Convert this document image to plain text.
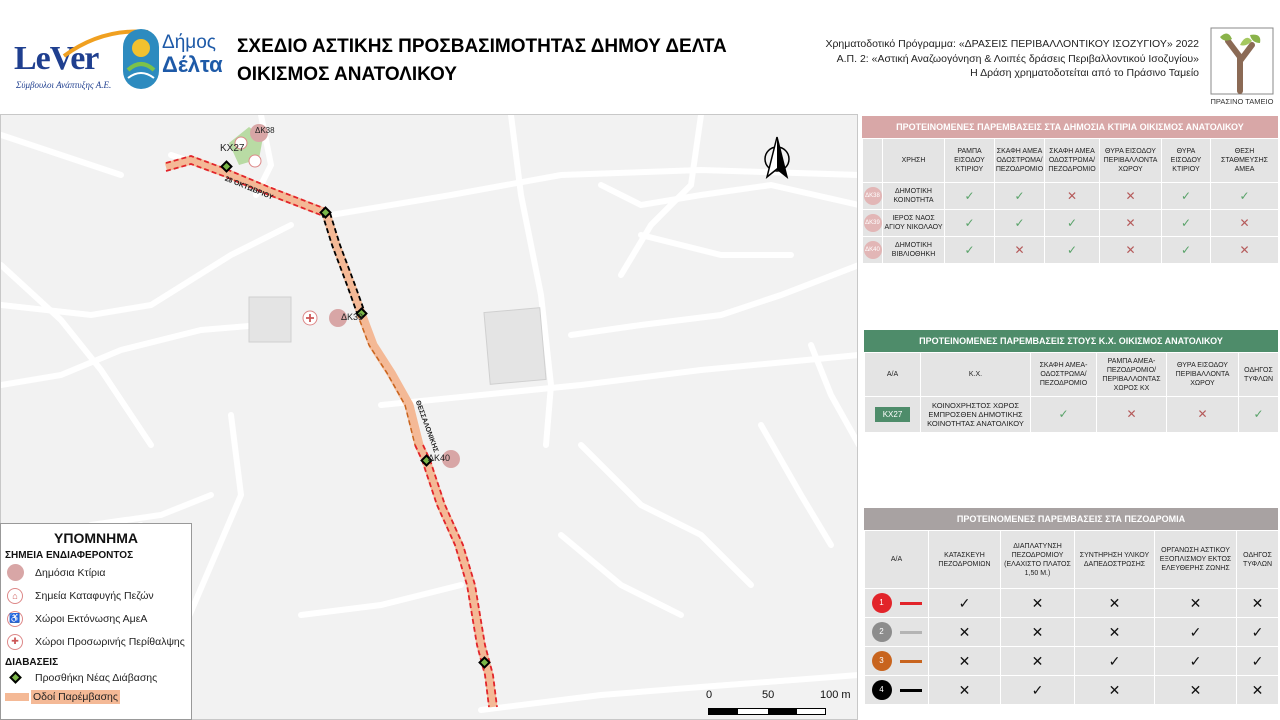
LeVer
Σύμβουλοι Ανάπτυξης Α.Ε.
Δήμος
Δέλτα
ΣΧΕΔΙΟ ΑΣΤΙΚΗΣ ΠΡΟΣΒΑΣΙΜΟΤΗΤΑΣ ΔΗΜΟΥ ΔΕΛΤΑ
ΟΙΚΙΣΜΟΣ ΑΝΑΤΟΛΙΚΟΥ
Χρηματοδοτικό Πρόγραμμα: «ΔΡΑΣΕΙΣ ΠΕΡΙΒΑΛΛΟΝΤΙΚΟΥ ΙΣΟΖΥΓΙΟΥ» 2022
Α.Π. 2: «Αστική Αναζωογόνηση & Λοιπές δράσεις Περιβαλλοντικού Ισοζυγίου»
Η Δράση χρηματοδοτείται από το Πράσινο Ταμείο
ΠΡΑΣΙΝΟ ΤΑΜΕΙΟ
ΔΚ38
ΚΧ27
28 ΟΚΤΩΒΡΙΟΥ
ΔΚ39
ΘΕΣΣΑΛΟΝΙΚΗΣ
ΔΚ40
ΥΠΟΜΝΗΜΑ
ΣΗΜΕΙΑ ΕΝΔΙΑΦΕΡΟΝΤΟΣ
Δημόσια Κτίρια
⌂	Σημεία Καταφυγής Πεζών
♿ Χώροι Εκτόνωσης ΑμεΑ
✚	Χώροι Προσωρινής Περίθαλψης
ΔΙΑΒΑΣΕΙΣ
Προσθήκη Νέας Διάβασης
Οδοί Παρέμβασης	0	50	100 m
ΠΡΟΤΕΙΝΟΜΕΝΕΣ ΠΑΡΕΜΒΑΣΕΙΣ ΣΤΑ ΔΗΜΟΣΙΑ ΚΤΙΡΙΑ ΟΙΚΙΣΜΟΣ ΑΝΑΤΟΛΙΚΟΥ
	ΧΡΗΣΗ	ΡΑΜΠΑ ΕΙΣΟΔΟΥ ΚΤΙΡΙΟΥ	ΣΚΑΦΗ ΑΜΕΑ ΟΔΟΣΤΡΩΜΑ/ ΠΕΖΟΔΡΟΜΙΟ	ΣΚΑΦΗ ΑΜΕΑ ΟΔΟΣΤΡΩΜΑ/ ΠΕΖΟΔΡΟΜΙΟ	ΘΥΡΑ ΕΙΣΟΔΟΥ ΠΕΡΙΒΑΛΛΟΝΤΑ ΧΩΡΟΥ	ΘΥΡΑ ΕΙΣΟΔΟΥ ΚΤΙΡΙΟΥ	ΘΕΣΗ ΣΤΑΘΜΕΥΣΗΣ ΑΜΕΑ
ΔΚ38	ΔΗΜΟΤΙΚΗ ΚΟΙΝΟΤΗΤΑ	✓	✓	✕	✕	✓	✓
ΔΚ39	ΙΕΡΟΣ ΝΑΟΣ ΑΓΙΟΥ ΝΙΚΟΛΑΟΥ	✓	✓	✓	✕	✓	✕
ΔΚ40	ΔΗΜΟΤΙΚΗ ΒΙΒΛΙΟΘΗΚΗ	✓	✕	✓	✕	✓	✕
ΠΡΟΤΕΙΝΟΜΕΝΕΣ ΠΑΡΕΜΒΑΣΕΙΣ ΣΤΟΥΣ Κ.Χ. ΟΙΚΙΣΜΟΣ ΑΝΑΤΟΛΙΚΟΥ
Α/Α	Κ.Χ.	ΣΚΑΦΗ ΑΜΕΑ- ΟΔΟΣΤΡΩΜΑ/ ΠΕΖΟΔΡΟΜΙΟ	ΡΑΜΠΑ ΑΜΕΑ- ΠΕΖΟΔΡΟΜΙΟ/ ΠΕΡΙΒΑΛΛΟΝΤΑΣ ΧΩΡΟΣ ΚΧ	ΘΥΡΑ ΕΙΣΟΔΟΥ ΠΕΡΙΒΑΛΛΟΝΤΑ ΧΩΡΟΥ	ΟΔΗΓΟΣ ΤΥΦΛΩΝ
ΚΧ27	ΚΟΙΝΟΧΡΗΣΤΟΣ ΧΩΡΟΣ ΕΜΠΡΟΣΘΕΝ ΔΗΜΟΤΙΚΗΣ ΚΟΙΝΟΤΗΤΑΣ ΑΝΑΤΟΛΙΚΟΥ	✓	✕	✕	✓
ΠΡΟΤΕΙΝΟΜΕΝΕΣ ΠΑΡΕΜΒΑΣΕΙΣ ΣΤΑ ΠΕΖΟΔΡΟΜΙΑ
Α/Α	ΚΑΤΑΣΚΕΥΗ ΠΕΖΟΔΡΟΜΙΩΝ	ΔΙΑΠΛΑΤΥΝΣΗ ΠΕΖΟΔΡΟΜΙΟΥ (ΕΛΑΧΙΣΤΟ ΠΛΑΤΟΣ 1,50 Μ.)	ΣΥΝΤΗΡΗΣΗ ΥΛΙΚΟΥ ΔΑΠΕΔΟΣΤΡΩΣΗΣ	ΟΡΓΑΝΩΣΗ ΑΣΤΙΚΟΥ ΕΞΟΠΛΙΣΜΟΥ ΕΚΤΟΣ ΕΛΕΥΘΕΡΗΣ ΖΩΝΗΣ	ΟΔΗΓΟΣ ΤΥΦΛΩΝ
1	✓	✕	✕	✕	✕
2	✕	✕	✕	✓	✓
3	✕	✕	✓	✓	✓
4	✕	✓	✕	✕	✕
